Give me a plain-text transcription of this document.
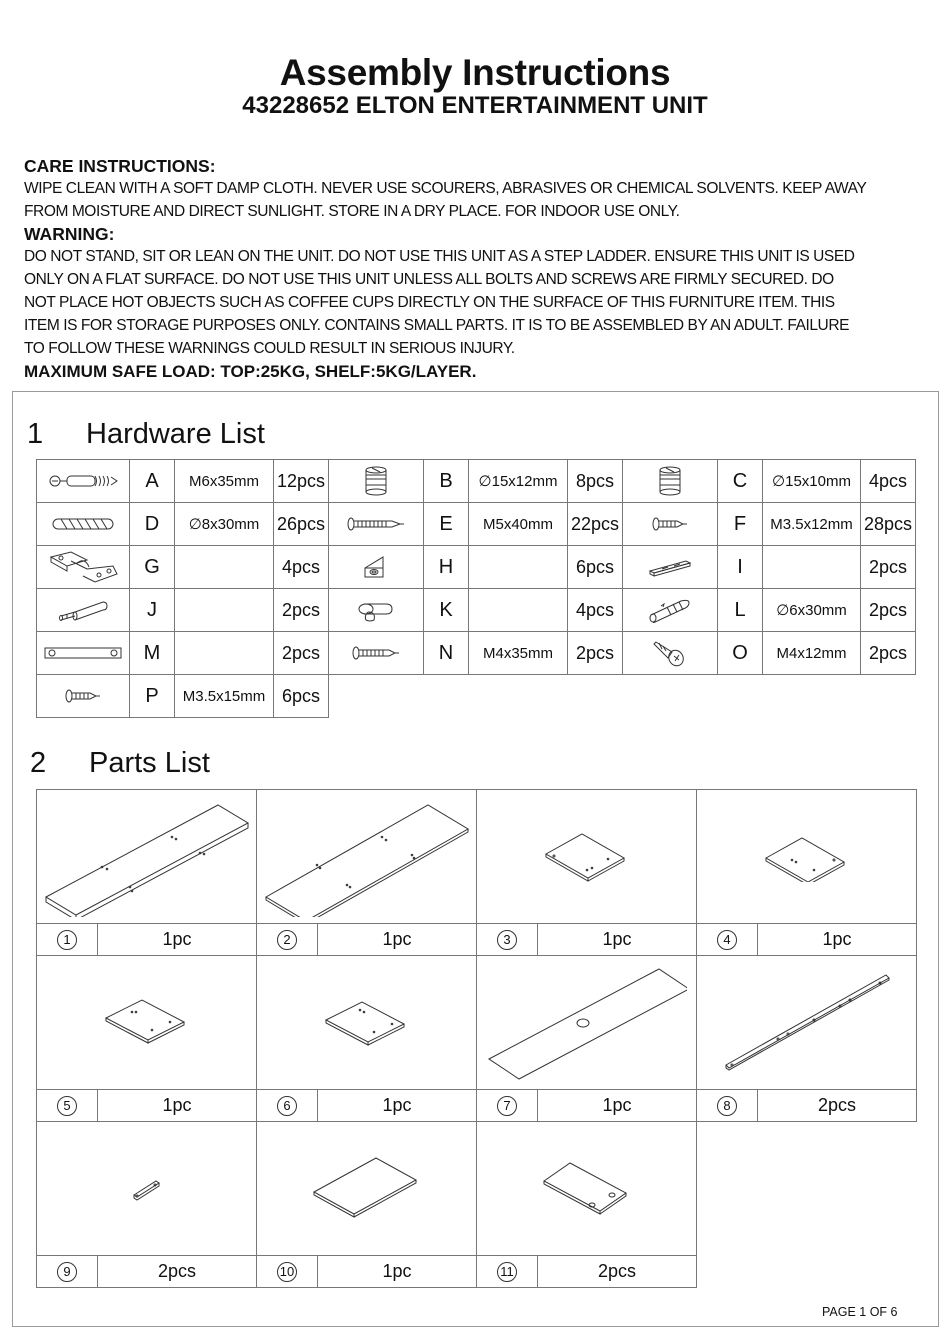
Assembly Instructions
43228652 ELTON ENTERTAINMENT UNIT
CARE INSTRUCTIONS:
WIPE CLEAN WITH A SOFT DAMP CLOTH. NEVER USE SCOURERS, ABRASIVES OR CHEMICAL SOLVENTS. KEEP AWAY
FROM MOISTURE AND DIRECT SUNLIGHT. STORE IN A DRY PLACE. FOR INDOOR USE ONLY.
WARNING:
DO NOT STAND, SIT OR LEAN ON THE UNIT. DO NOT USE THIS UNIT AS A STEP LADDER. ENSURE THIS UNIT IS USED
ONLY ON A FLAT SURFACE. DO NOT USE THIS UNIT UNLESS ALL BOLTS AND SCREWS ARE FIRMLY SECURED. DO
NOT PLACE HOT OBJECTS SUCH AS COFFEE CUPS DIRECTLY ON THE SURFACE OF THIS FURNITURE ITEM. THIS
ITEM IS FOR STORAGE PURPOSES ONLY. CONTAINS SMALL PARTS. IT IS TO BE ASSEMBLED BY AN ADULT. FAILURE
TO FOLLOW THESE WARNINGS COULD RESULT IN SERIOUS INJURY.
MAXIMUM SAFE LOAD: TOP:25KG, SHELF:5KG/LAYER.
1 Hardware List
	A	M6x35mm	12pcs		B	∅15x12mm	8pcs		C	∅15x10mm	4pcs

	D	∅8x30mm	26pcs		E	M5x40mm	22pcs		F	M3.5x12mm	28pcs

	G		4pcs		H		6pcs		I		2pcs

	J		2pcs		K		4pcs		L	∅6x30mm	2pcs

	M		2pcs		N	M4x35mm	2pcs		O	M4x12mm	2pcs

	P	M3.5x15mm	6pcs								
2 Parts List

1	1pc	2	1pc	3	1pc	4	1pc

5	1pc	6	1pc	7	1pc	8	2pcs

9	2pcs	10	1pc	11	2pcs		
PAGE 1 OF 6
